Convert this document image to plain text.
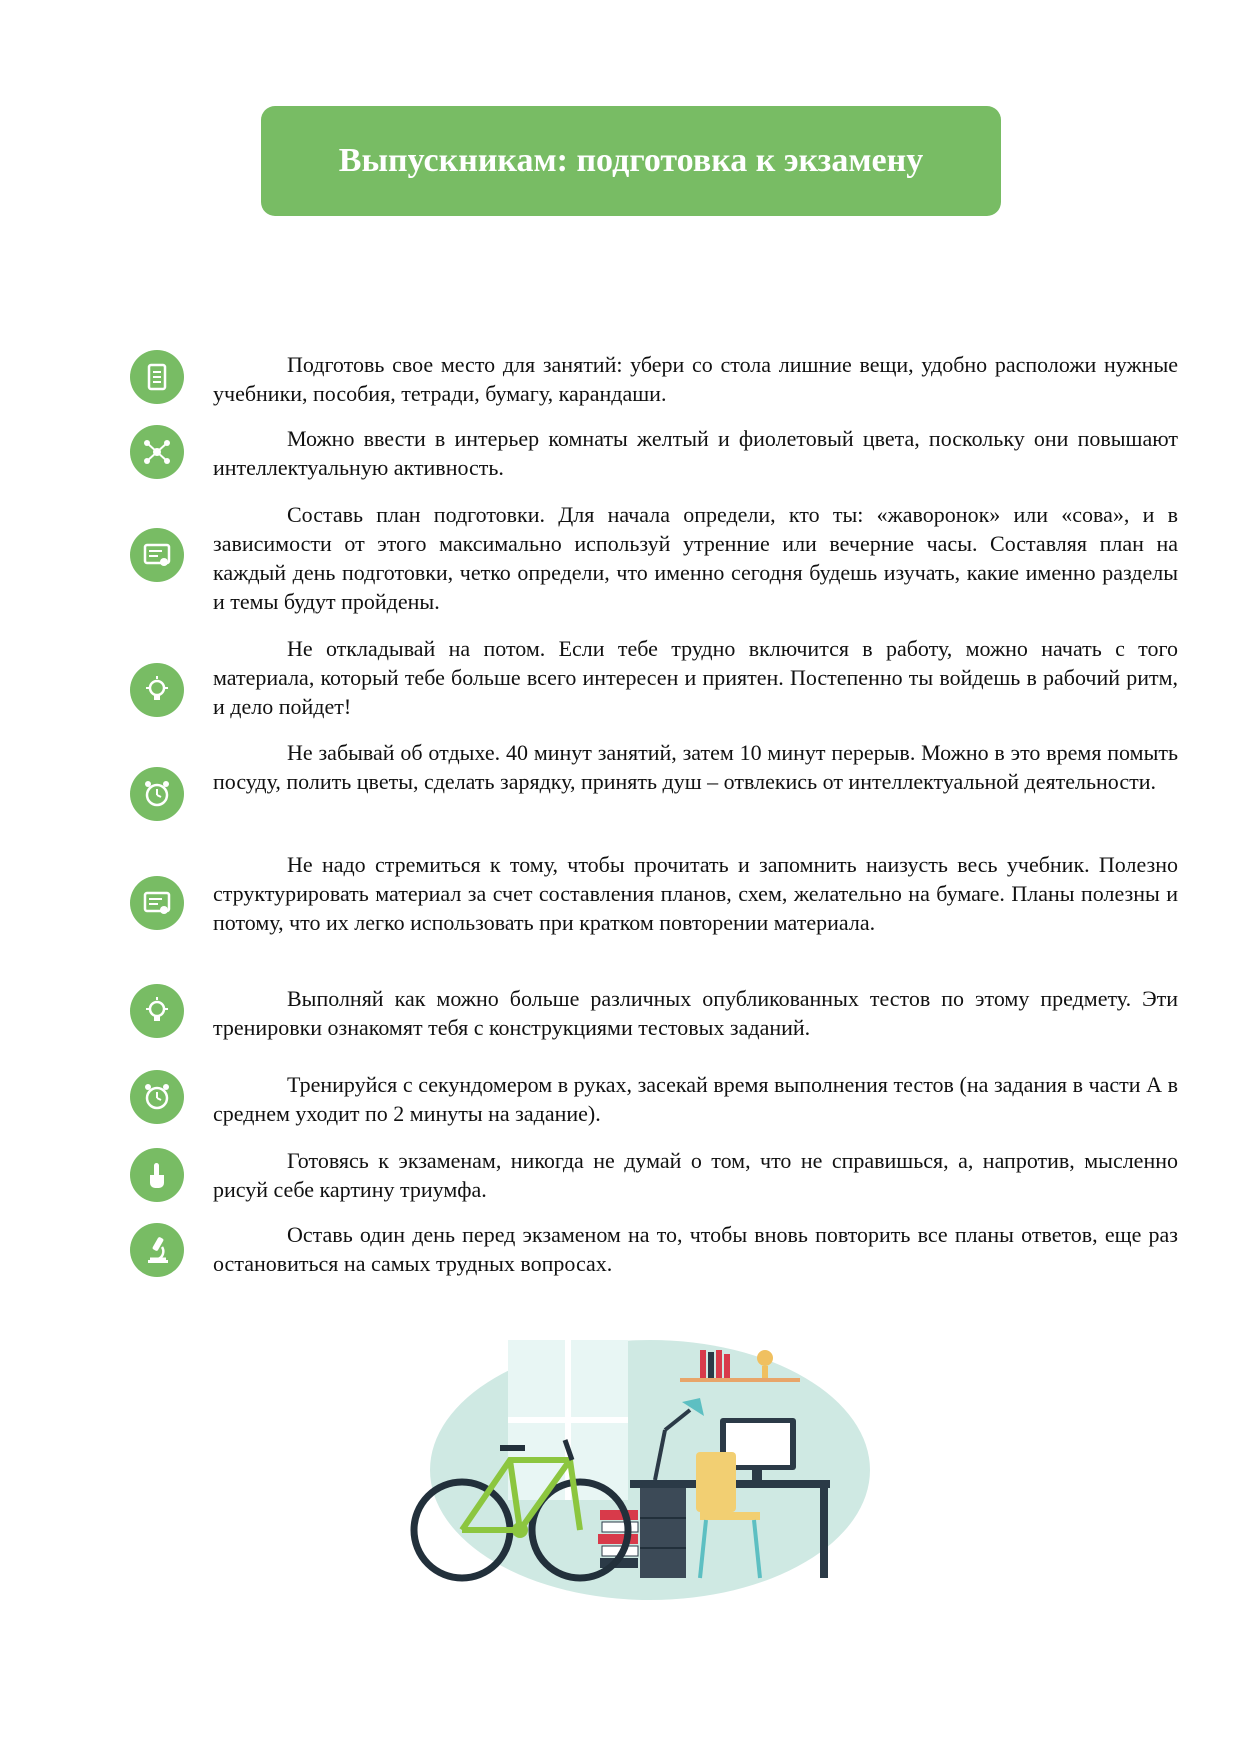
Выпускникам: подготовка к экзамену

Подготовь свое место для занятий: убери со стола лишние вещи, удобно расположи нужные учебники, пособия, тетради, бумагу, карандаши.

Можно ввести в интерьер комнаты желтый и фиолетовый цвета, поскольку они повышают интеллектуальную активность.

Составь план подготовки. Для начала определи, кто ты: «жаворонок» или «сова», и в зависимости от этого максимально используй утренние или вечерние часы. Составляя план на каждый день подготовки, четко определи, что именно сегодня будешь изучать, какие именно разделы и темы будут пройдены.

Не откладывай на потом. Если тебе трудно включится в работу, можно начать с того материала, который тебе больше всего интересен и приятен. Постепенно ты войдешь в рабочий ритм, и дело пойдет!

Не забывай об отдыхе. 40 минут занятий, затем 10 минут перерыв. Можно в это время помыть посуду, полить цветы, сделать зарядку, принять душ – отвлекись от интеллектуальной деятельности.

Не надо стремиться к тому, чтобы прочитать и запомнить наизусть весь учебник. Полезно структурировать материал за счет составления планов, схем, желательно на бумаге. Планы полезны и потому, что их легко использовать при кратком повторении материала.

Выполняй как можно больше различных опубликованных тестов по этому предмету. Эти тренировки ознакомят тебя с конструкциями тестовых заданий.

Тренируйся с секундомером в руках, засекай время выполнения тестов (на задания в части А в среднем уходит по 2 минуты на задание).

Готовясь к экзаменам, никогда не думай о том, что не справишься, а, напротив, мысленно рисуй себе картину триумфа.

Оставь один день перед экзаменом на то, чтобы вновь повторить все планы ответов, еще раз остановиться на самых трудных вопросах.
